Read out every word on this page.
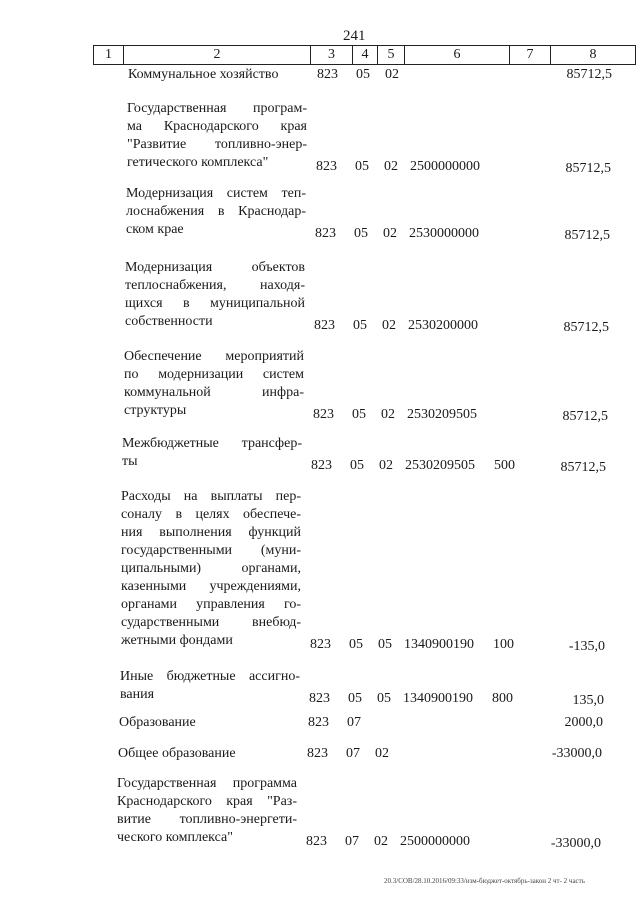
241
1	2	3	4	5	6	7	8
Коммунальное хозяйство	823 05 02	85712,5
Государственная програм-
ма Краснодарского края
"Развитие топливно-энер-
гетического комплекса"	823 05 02 2500000000	85712,5
Модернизация систем теп-
лоснабжения в Краснодар-
ском крае	823 05 02 2530000000	85712,5
Модернизация объектов
теплоснабжения, находя-
щихся в муниципальной
собственности	823 05 02 2530200000	85712,5
Обеспечение мероприятий
по модернизации систем
коммунальной инфра-
структуры	823 05 02 2530209505	85712,5
Межбюджетные трансфер-
ты	823 05 02 2530209505 500	85712,5
Расходы на выплаты пер-
соналу в целях обеспече-
ния выполнения функций
государственными (муни-
ципальными) органами,
казенными учреждениями,
органами управления го-
сударственными внебюд-
жетными фондами	823 05 05 1340900190 100	-135,0
Иные бюджетные ассигно-
вания	823 05 05 1340900190 800	135,0
Образование	823 07	2000,0
Общее образование	823 07 02	-33000,0
Государственная программа
Краснодарского края "Раз-
витие топливно-энергети-
ческого комплекса"	823 07 02 2500000000	-33000,0
20.3/СОВ/28.10.2016/09:33/изм-бюджет-октябрь-закон 2 чт- 2 часть
